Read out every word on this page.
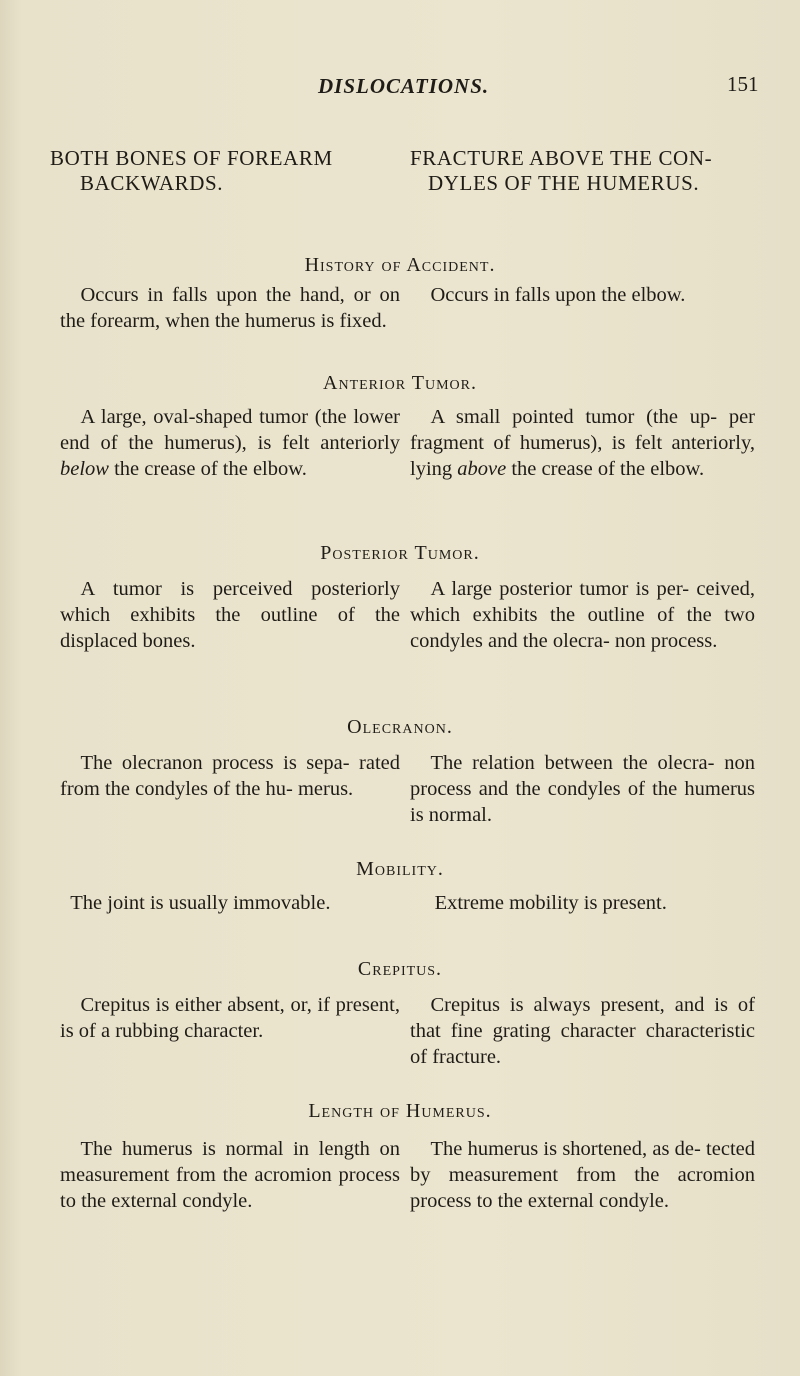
DISLOCATIONS.	151
BOTH BONES OF FOREARM
BACKWARDS.
FRACTURE ABOVE THE CON-
DYLES OF THE HUMERUS.
History of Accident.

Occurs in falls upon the hand, or on the forearm, when the humerus is fixed.

Occurs in falls upon the elbow.

Anterior Tumor.

A large, oval-shaped tumor (the lower end of the humerus), is felt anteriorly below the crease of the elbow.

A small pointed tumor (the up- per fragment of humerus), is felt anteriorly, lying above the crease of the elbow.

Posterior Tumor.

A tumor is perceived posteriorly which exhibits the outline of the displaced bones.

A large posterior tumor is per- ceived, which exhibits the outline of the two condyles and the olecra- non process.

Olecranon.

The olecranon process is sepa- rated from the condyles of the hu- merus.

The relation between the olecra- non process and the condyles of the humerus is normal.

Mobility.

The joint is usually immovable.	Extreme mobility is present.

Crepitus.

Crepitus is either absent, or, if present, is of a rubbing character.

Crepitus is always present, and is of that fine grating character characteristic of fracture.

Length of Humerus.

The humerus is normal in length on measurement from the acromion process to the external condyle.

The humerus is shortened, as de- tected by measurement from the acromion process to the external condyle.
